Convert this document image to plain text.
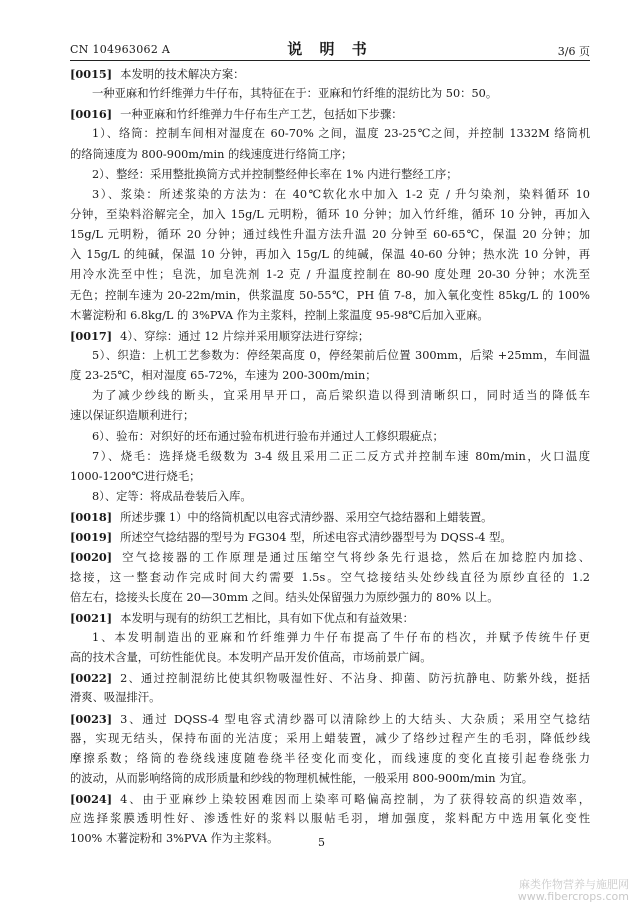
CN 104963062 A	说 明 书	3/6 页
[0015] 本发明的技术解决方案：
一种亚麻和竹纤维弹力牛仔布，其特征在于：亚麻和竹纤维的混纺比为 50：50。
[0016] 一种亚麻和竹纤维弹力牛仔布生产工艺，包括如下步骤：
1）、络筒：控制车间相对湿度在 60-70% 之间，温度 23-25℃之间，并控制 1332M 络筒机
的络筒速度为 800-900m/min 的线速度进行络筒工序；
2）、整经：采用整批换筒方式并控制整经伸长率在 1% 内进行整经工序；
3）、浆染：所述浆染的方法为：在 40℃软化水中加入 1-2 克 / 升匀染剂，染料循环 10
分钟，至染料浴解完全，加入 15g/L 元明粉，循环 10 分钟；加入竹纤维，循环 10 分钟，再加入
15g/L 元明粉，循环 20 分钟；通过线性升温方法升温 20 分钟至 60-65℃，保温 20 分钟；加
入 15g/L 的纯碱，保温 10 分钟，再加入 15g/L 的纯碱，保温 40-60 分钟；热水洗 10 分钟，再
用冷水洗至中性；皂洗，加皂洗剂 1-2 克 / 升温度控制在 80-90 度处理 20-30 分钟；水洗至
无色；控制车速为 20-22m/min，供浆温度 50-55℃，PH 值 7-8，加入氧化变性 85kg/L 的 100%
木薯淀粉和 6.8kg/L 的 3%PVA 作为主浆料，控制上浆温度 95-98℃后加入亚麻。
[0017] 4）、穿综：通过 12 片综并采用顺穿法进行穿综；
5）、织造：上机工艺参数为：停经架高度 0，停经架前后位置 300mm，后梁 +25mm，车间温
度 23-25℃，相对湿度 65-72%，车速为 200-300m/min；
为了减少纱线的断头，宜采用早开口，高后梁织造以得到清晰织口，同时适当的降低车
速以保证织造顺利进行；
6）、验布：对织好的坯布通过验布机进行验布并通过人工修织瑕疵点；
7）、烧毛：选择烧毛级数为 3-4 级且采用二正二反方式并控制车速 80m/min，火口温度
1000-1200℃进行烧毛；
8）、定等：将成品卷装后入库。
[0018] 所述步骤 1）中的络筒机配以电容式清纱器、采用空气捻结器和上蜡装置。
[0019] 所述空气捻结器的型号为 FG304 型，所述电容式清纱器型号为 DQSS-4 型。
[0020] 空气捻接器的工作原理是通过压缩空气将纱条先行退捻，然后在加捻腔内加捻、
捻接，这一整套动作完成时间大约需要 1.5s。空气捻接结头处纱线直径为原纱直径的 1.2
倍左右，捻接头长度在 20—30mm 之间。结头处保留强力为原纱强力的 80% 以上。
[0021] 本发明与现有的纺织工艺相比，具有如下优点和有益效果：
1、本发明制造出的亚麻和竹纤维弹力牛仔布提高了牛仔布的档次，并赋予传统牛仔更
高的技术含量，可纺性能优良。本发明产品开发价值高，市场前景广阔。
[0022] 2、通过控制混纺比使其织物吸湿性好、不沾身、抑菌、防污抗静电、防紫外线，挺括
滑爽、吸湿排汗。
[0023] 3、通过 DQSS-4 型电容式清纱器可以清除纱上的大结头、大杂质；采用空气捻结
器，实现无结头，保持布面的光洁度；采用上蜡装置，减少了络纱过程产生的毛羽，降低纱线
摩擦系数；络筒的卷绕线速度随卷绕半径变化而变化，而线速度的变化直接引起卷绕张力
的波动，从而影响络筒的成形质量和纱线的物理机械性能，一般采用 800-900m/min 为宜。
[0024] 4、由于亚麻纱上染较困难因而上染率可略偏高控制，为了获得较高的织造效率，
应选择浆膜透明性好、渗透性好的浆料以服帖毛羽，增加强度，浆料配方中选用氧化变性
100% 木薯淀粉和 3%PVA 作为主浆料。	5
麻类作物营养与施肥网
www.fibercrops.com
